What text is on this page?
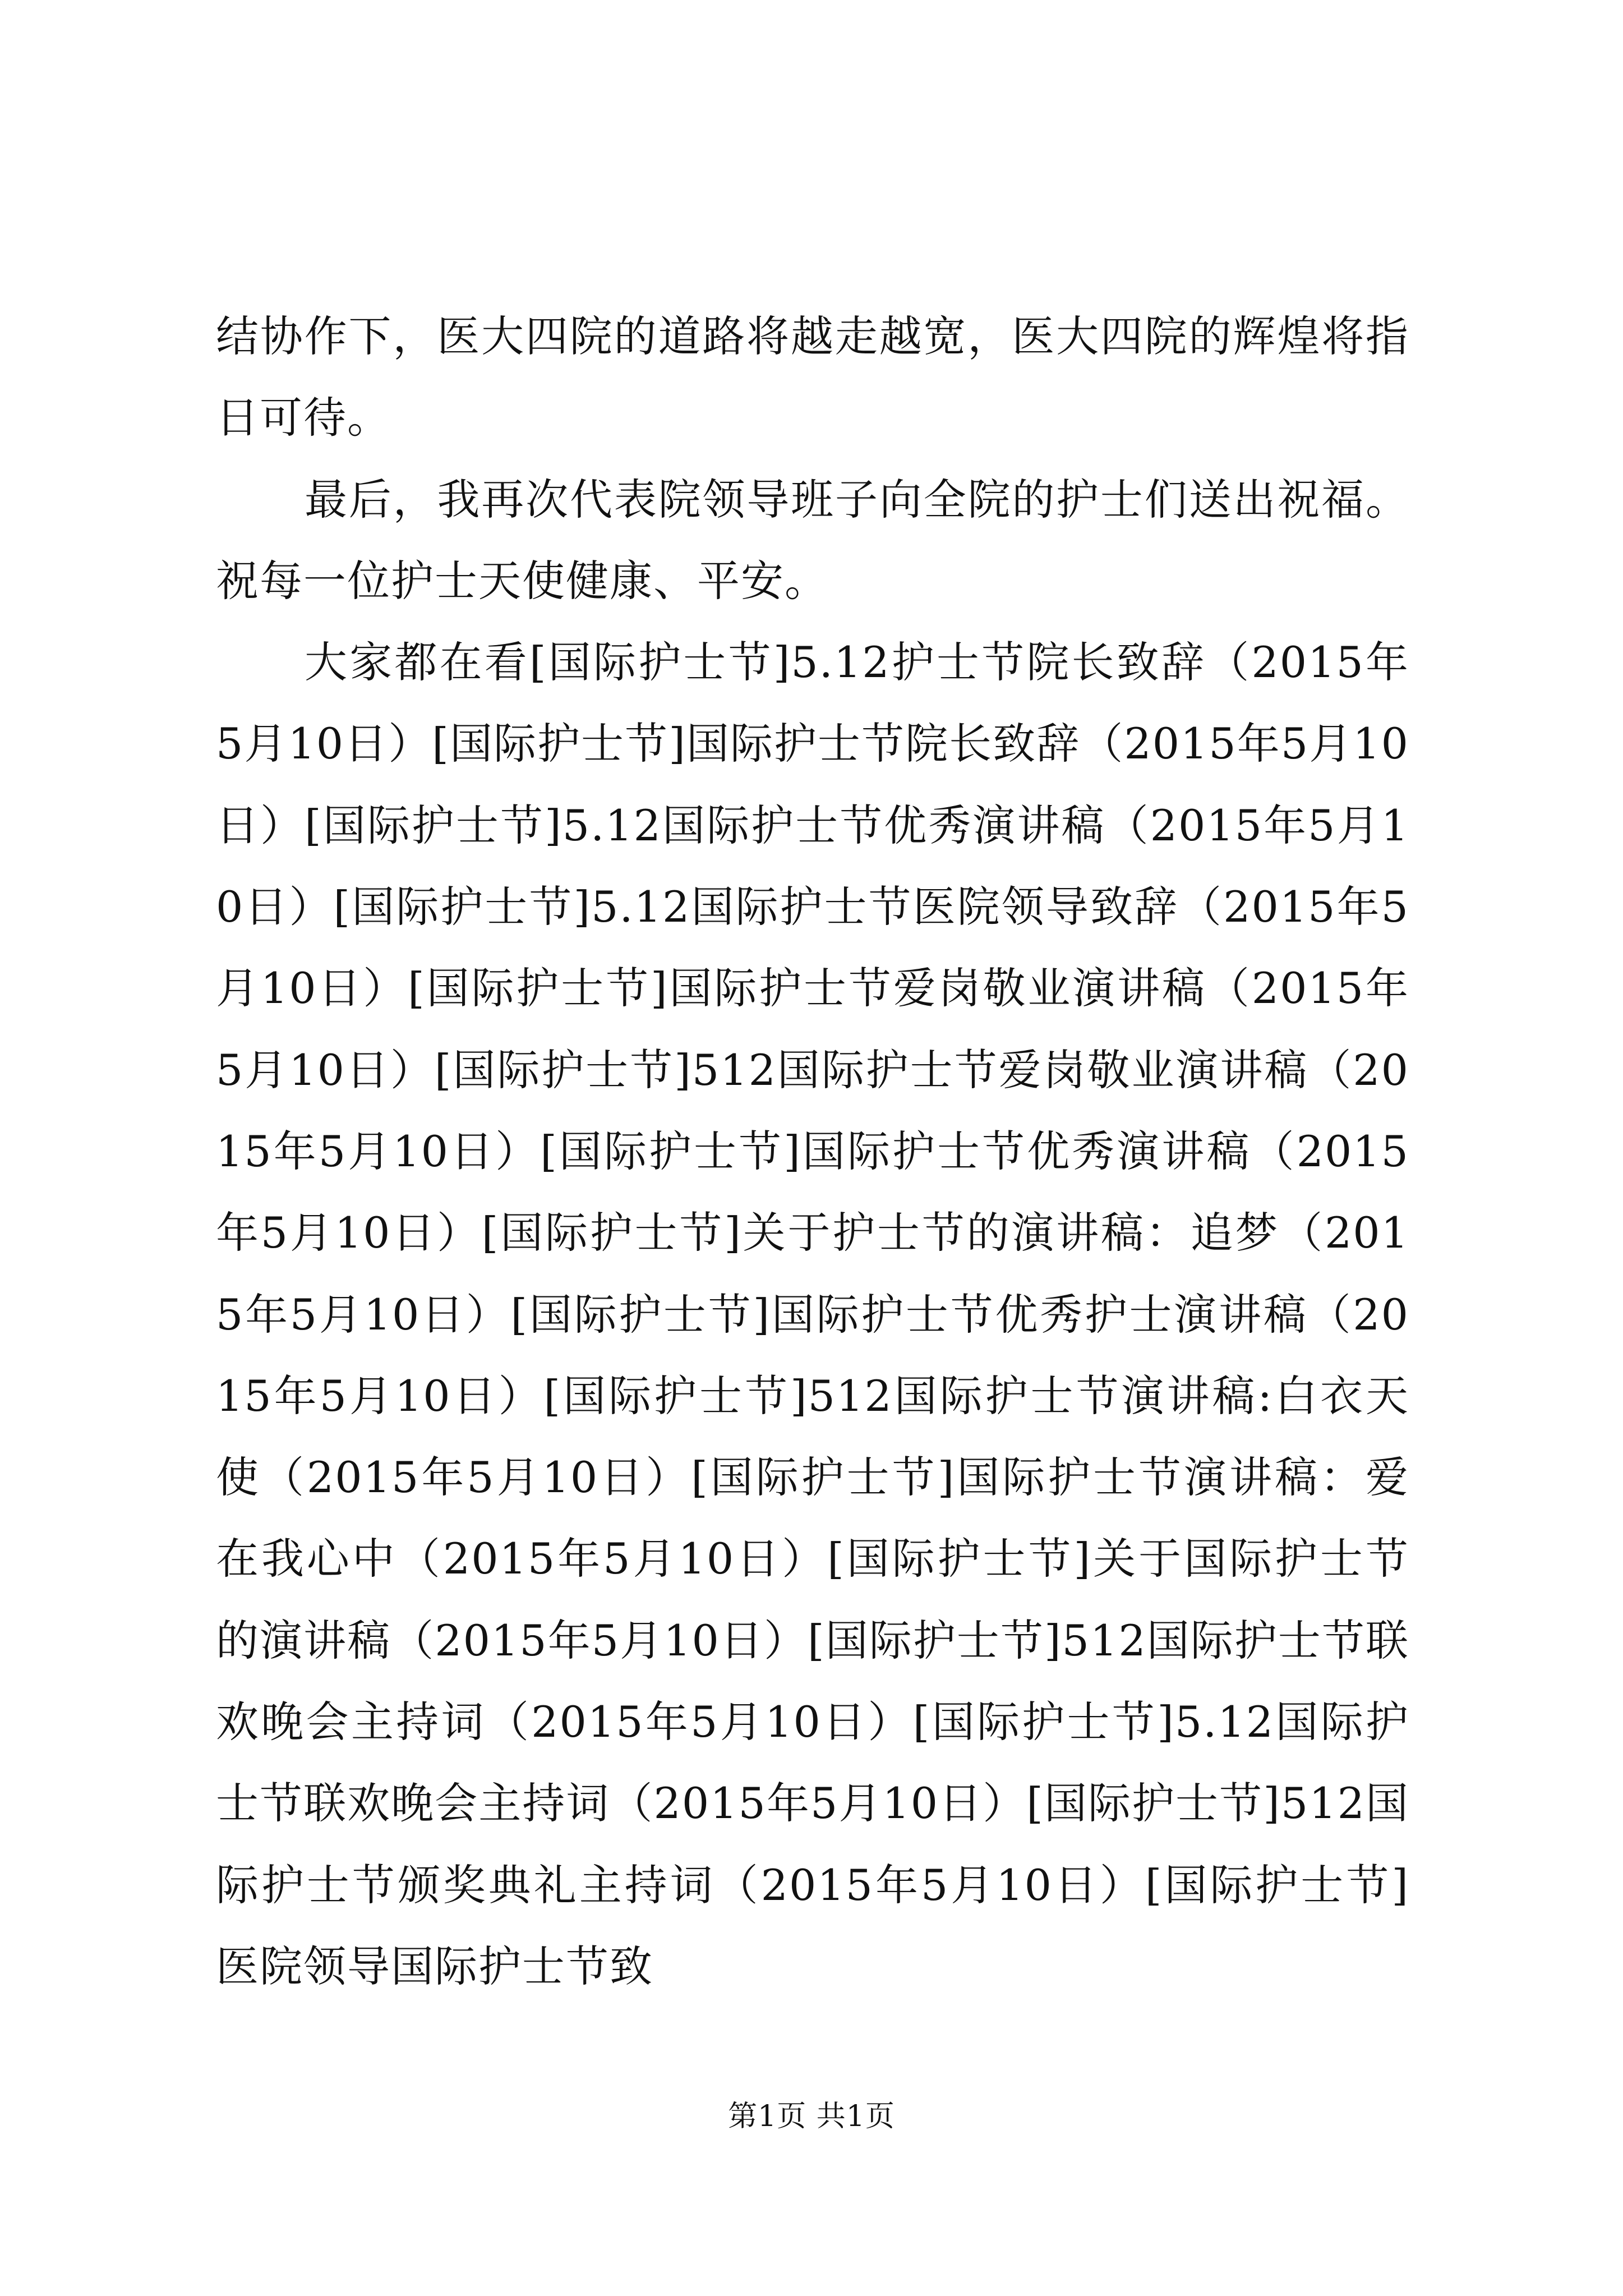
结协作下，医大四院的道路将越走越宽，医大四院的辉煌将指日可待。

最后，我再次代表院领导班子向全院的护士们送出祝福。祝每一位护士天使健康、平安。

大家都在看[国际护士节]5.12护士节院长致辞（2015年5月10日）[国际护士节]国际护士节院长致辞（2015年5月10日）[国际护士节]5.12国际护士节优秀演讲稿（2015年5月10日）[国际护士节]5.12国际护士节医院领导致辞（2015年5月10日）[国际护士节]国际护士节爱岗敬业演讲稿（2015年5月10日）[国际护士节]512国际护士节爱岗敬业演讲稿（2015年5月10日）[国际护士节]国际护士节优秀演讲稿（2015年5月10日）[国际护士节]关于护士节的演讲稿：追梦（2015年5月10日）[国际护士节]国际护士节优秀护士演讲稿（2015年5月10日）[国际护士节]512国际护士节演讲稿:白衣天使（2015年5月10日）[国际护士节]国际护士节演讲稿：爱在我心中（2015年5月10日）[国际护士节]关于国际护士节的演讲稿（2015年5月10日）[国际护士节]512国际护士节联欢晚会主持词（2015年5月10日）[国际护士节]5.12国际护士节联欢晚会主持词（2015年5月10日）[国际护士节]512国际护士节颁奖典礼主持词（2015年5月10日）[国际护士节]医院领导国际护士节致

第1页 共1页
